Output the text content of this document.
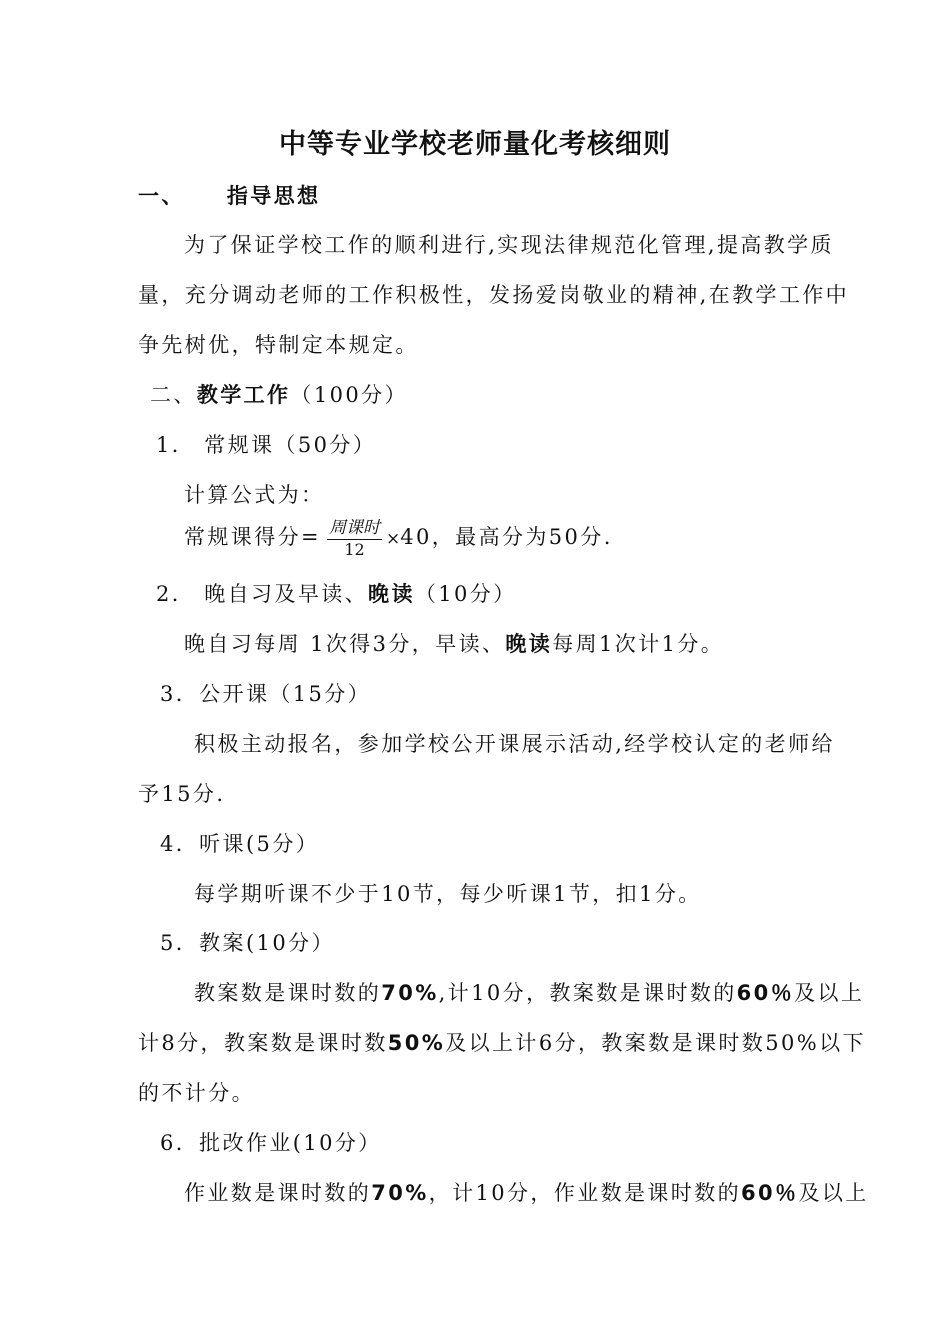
中等专业学校老师量化考核细则
一、 指导思想
为了保证学校工作的顺利进行,实现法律规范化管理,提高教学质
量，充分调动老师的工作积极性，发扬爱岗敬业的精神,在教学工作中
争先树优，特制定本规定。
二、教学工作（100分）
1． 常规课（50分）
计算公式为：
常规课得分= $\frac{\text{周课时}}{12} \times 40$，最高分为50分.
2． 晚自习及早读、晚读（10分）
晚自习每周 1次得3分，早读、晚读每周1次计1分。
3．公开课（15分）
积极主动报名，参加学校公开课展示活动,经学校认定的老师给
予15分.
4．听课(5分）
每学期听课不少于10节，每少听课1节，扣1分。
5．教案(10分）
教案数是课时数的70%,计10分，教案数是课时数的60％及以上
计8分，教案数是课时数50%及以上计6分，教案数是课时数50%以下
的不计分。
6．批改作业(10分）
作业数是课时数的70%，计10分，作业数是课时数的60％及以上
